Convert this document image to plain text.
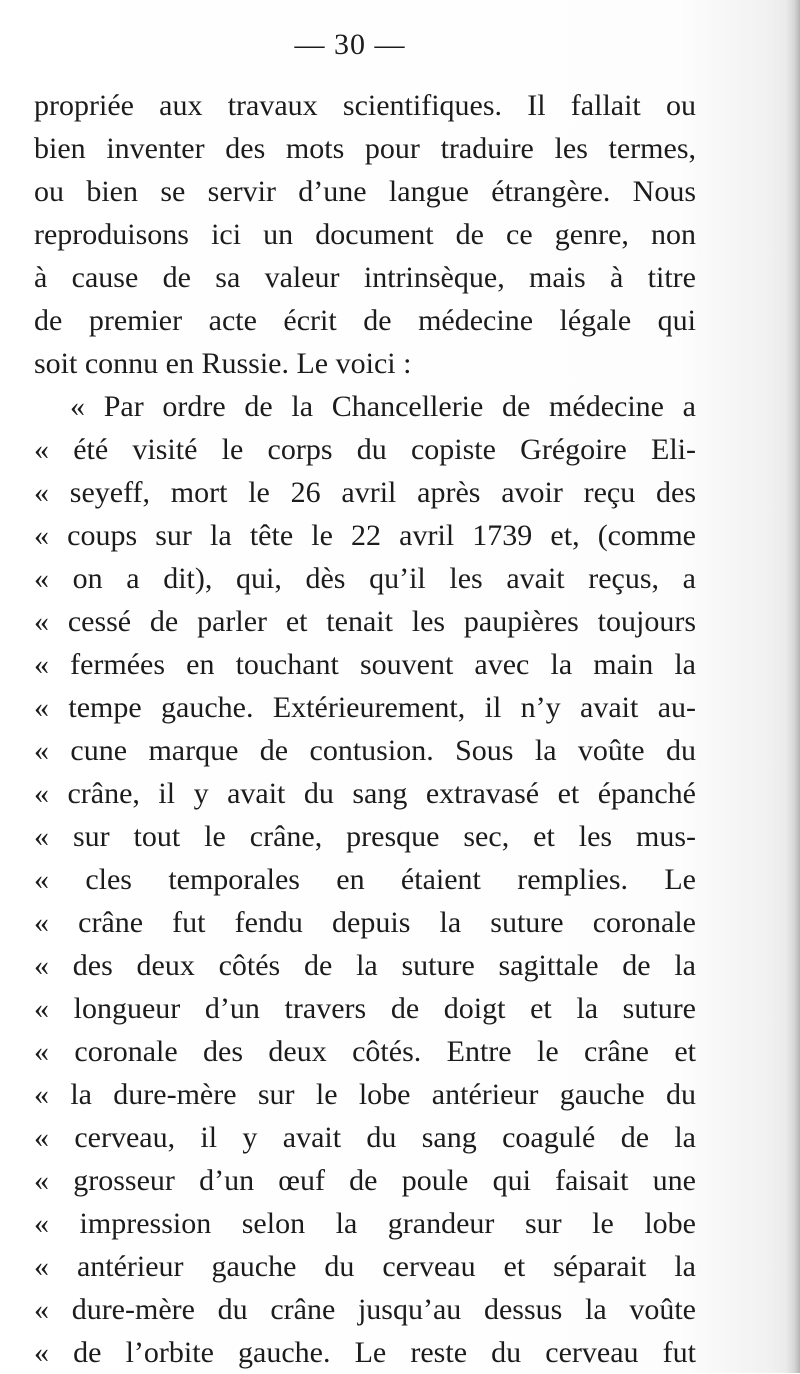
— 30 —
propriée aux travaux scientifiques. Il fallait ou
bien inventer des mots pour traduire les termes,
ou bien se servir d’une langue étrangère. Nous
reproduisons ici un document de ce genre, non
à cause de sa valeur intrinsèque, mais à titre
de premier acte écrit de médecine légale qui
soit connu en Russie. Le voici :
« Par ordre de la Chancellerie de médecine a
« été visité le corps du copiste Grégoire Eli-
« seyeff, mort le 26 avril après avoir reçu des
« coups sur la tête le 22 avril 1739 et, (comme
« on a dit), qui, dès qu’il les avait reçus, a
« cessé de parler et tenait les paupières toujours
« fermées en touchant souvent avec la main la
« tempe gauche. Extérieurement, il n’y avait au-
« cune marque de contusion. Sous la voûte du
« crâne, il y avait du sang extravasé et épanché
« sur tout le crâne, presque sec, et les mus-
« cles temporales en étaient remplies. Le
« crâne fut fendu depuis la suture coronale
« des deux côtés de la suture sagittale de la
« longueur d’un travers de doigt et la suture
« coronale des deux côtés. Entre le crâne et
« la dure-mère sur le lobe antérieur gauche du
« cerveau, il y avait du sang coagulé de la
« grosseur d’un œuf de poule qui faisait une
« impression selon la grandeur sur le lobe
« antérieur gauche du cerveau et séparait la
« dure-mère du crâne jusqu’au dessus la voûte
« de l’orbite gauche. Le reste du cerveau fut
